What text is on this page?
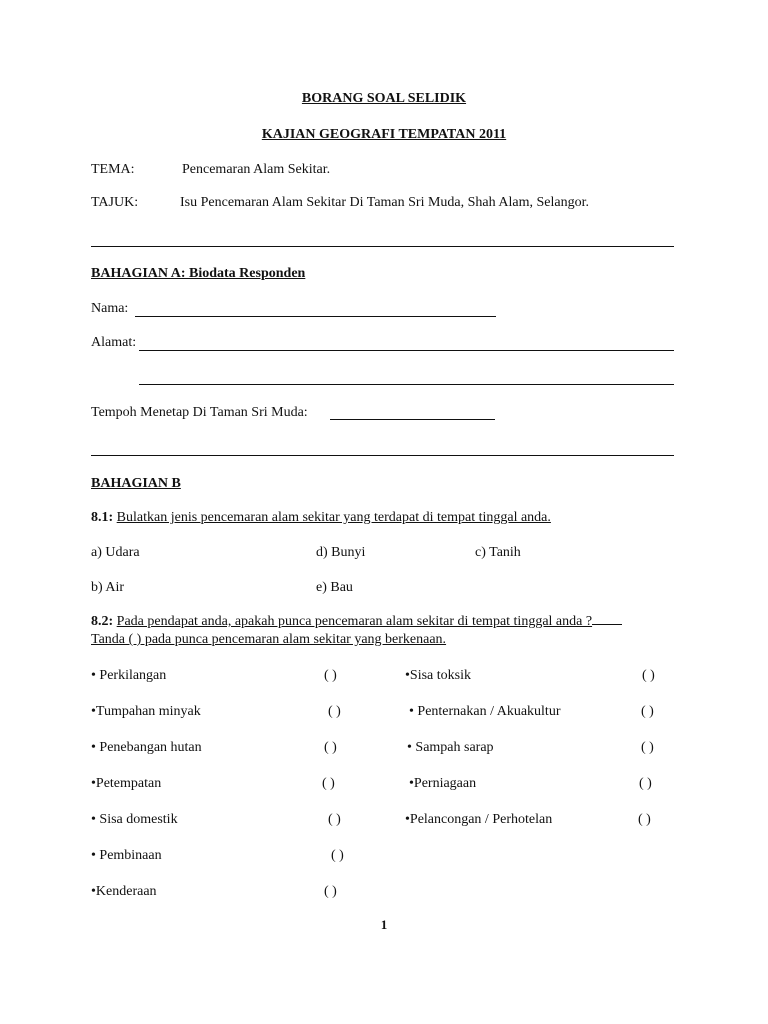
BORANG SOAL SELIDIK
KAJIAN GEOGRAFI TEMPATAN 2011
TEMA:	Pencemaran Alam Sekitar.
TAJUK:	Isu Pencemaran Alam Sekitar Di Taman Sri Muda, Shah Alam, Selangor.
BAHAGIAN A: Biodata Responden
Nama:
Alamat:
Tempoh Menetap Di Taman Sri Muda:
BAHAGIAN B
8.1: Bulatkan jenis pencemaran alam sekitar yang terdapat di tempat tinggal anda.
a) Udara	d) Bunyi	c) Tanih
b) Air	e) Bau
8.2: Pada pendapat anda, apakah punca pencemaran alam sekitar di tempat tinggal anda ?
Tanda ( ) pada punca pencemaran alam sekitar yang berkenaan.
• Perkilangan	( )
•Tumpahan minyak	( )
• Penebangan hutan	( )
•Petempatan	( )
• Sisa domestik	( )
• Pembinaan	( )
•Kenderaan	( )
•Sisa toksik	( )
• Penternakan / Akuakultur	( )
• Sampah sarap	( )
•Perniagaan	( )
•Pelancongan / Perhotelan	( )
1
